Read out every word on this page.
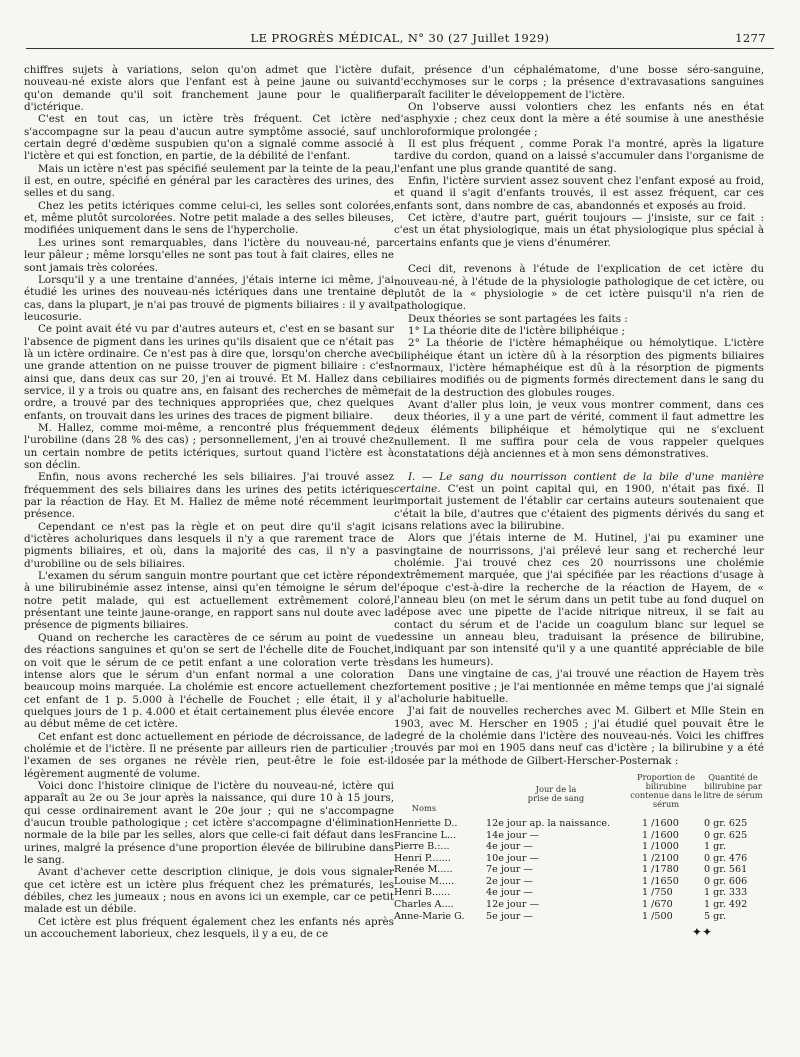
LE PROGRÈS MÉDICAL, N° 30 (27 Juillet 1929)	1277

chiffres sujets à variations, selon qu'on admet que l'ictère du nouveau-né existe alors que l'enfant est à peine jaune ou suivant qu'on demande qu'il soit franchement jaune pour le qualifier d'ictérique.

C'est en tout cas, un ictère très fréquent. Cet ictère ne s'accompagne sur la peau d'aucun autre symptôme associé, sauf un certain degré d'œdème suspubien qu'on a signalé comme associé à l'ictère et qui est fonction, en partie, de la débilité de l'enfant.

Mais un ictère n'est pas spécifié seulement par la teinte de la peau, il est, en outre, spécifié en général par les caractères des urines, des selles et du sang.

Chez les petits ictériques comme celui-ci, les selles sont colorées, et, même plutôt surcolorées. Notre petit malade a des selles bileuses, modifiées uniquement dans le sens de l'hypercholie.

Les urines sont remarquables, dans l'ictère du nouveau-né, par leur pâleur ; même lorsqu'elles ne sont pas tout à fait claires, elles ne sont jamais très colorées.

Lorsqu'il y a une trentaine d'années, j'étais interne ici même, j'ai étudié les urines des nouveau-nés ictériques dans une trentaine de cas, dans la plupart, je n'ai pas trouvé de pigments biliaires : il y avait leucosurie.

Ce point avait été vu par d'autres auteurs et, c'est en se basant sur l'absence de pigment dans les urines qu'ils disaient que ce n'était pas là un ictère ordinaire. Ce n'est pas à dire que, lorsqu'on cherche avec une grande attention on ne puisse trouver de pigment biliaire : c'est ainsi que, dans deux cas sur 20, j'en ai trouvé. Et M. Hallez dans ce service, il y a trois ou quatre ans, en faisant des recherches de même ordre, a trouvé par des techniques appropriées que, chez quelques enfants, on trouvait dans les urines des traces de pigment biliaire.

M. Hallez, comme moi-même, a rencontré plus fréquemment de l'urobiline (dans 28 % des cas) ; personnellement, j'en ai trouvé chez un certain nombre de petits ictériques, surtout quand l'ictère est à son déclin.

Enfin, nous avons recherché les sels biliaires. J'ai trouvé assez fréquemment des sels biliaires dans les urines des petits ictériques par la réaction de Hay. Et M. Hallez de même noté récemment leur présence.

Cependant ce n'est pas la règle et on peut dire qu'il s'agit ici d'ictères acholuriques dans lesquels il n'y a que rarement trace de pigments biliaires, et où, dans la majorité des cas, il n'y a pas d'urobiline ou de sels biliaires.

L'examen du sérum sanguin montre pourtant que cet ictère répond à une bilirubinémie assez intense, ainsi qu'en témoigne le sérum de notre petit malade, qui est actuellement extrêmement coloré, présentant une teinte jaune-orange, en rapport sans nul doute avec la présence de pigments biliaires.

Quand on recherche les caractères de ce sérum au point de vue des réactions sanguines et qu'on se sert de l'échelle dite de Fouchet, on voit que le sérum de ce petit enfant a une coloration verte très intense alors que le sérum d'un enfant normal a une coloration beaucoup moins marquée. La cholémie est encore actuellement chez cet enfant de 1 p. 5.000 à l'échelle de Fouchet ; elle était, il y a quelques jours de 1 p. 4.000 et était certainement plus élevée encore au début même de cet ictère.

Cet enfant est donc actuellement en période de décroissance, de la cholémie et de l'ictère. Il ne présente par ailleurs rien de particulier ; l'examen de ses organes ne révèle rien, peut-être le foie est-il légèrement augmenté de volume.

Voici donc l'histoire clinique de l'ictère du nouveau-né, ictère qui apparaît au 2e ou 3e jour après la naissance, qui dure 10 à 15 jours, qui cesse ordinairement avant le 20e jour ; qui ne s'accompagne d'aucun trouble pathologique ; cet ictère s'accompagne d'élimination normale de la bile par les selles, alors que celle-ci fait défaut dans les urines, malgré la présence d'une proportion élevée de bilirubine dans le sang.

Avant d'achever cette description clinique, je dois vous signaler que cet ictère est un ictère plus fréquent chez les prématurés, les débiles, chez les jumeaux ; nous en avons ici un exemple, car ce petit malade est un débile.

Cet ictère est plus fréquent également chez les enfants nés après un accouchement laborieux, chez lesquels, il y a eu, de ce

fait, présence d'un céphalématome, d'une bosse séro-sanguine, d'ecchymoses sur le corps ; la présence d'extravasations sanguines paraît faciliter le développement de l'ictère.

On l'observe aussi volontiers chez les enfants nés en état d'asphyxie ; chez ceux dont la mère a été soumise à une anesthésie chloroformique prolongée ;

Il est plus fréquent , comme Porak l'a montré, après la ligature tardive du cordon, quand on a laissé s'accumuler dans l'organisme de l'enfant une plus grande quantité de sang.

Enfin, l'ictère survient assez souvent chez l'enfant exposé au froid, et quand il s'agit d'enfants trouvés, il est assez fréquent, car ces enfants sont, dans nombre de cas, abandonnés et exposés au froid.

Cet ictère, d'autre part, guérit toujours — j'insiste, sur ce fait : c'est un état physiologique, mais un état physiologique plus spécial à certains enfants que je viens d'énumérer.

Ceci dit, revenons à l'étude de l'explication de cet ictère du nouveau-né, à l'étude de la physiologie pathologique de cet ictère, ou plutôt de la « physiologie » de cet ictère puisqu'il n'a rien de pathologique.

Deux théories se sont partagées les faits :

1° La théorie dite de l'ictère biliphéique ;

2° La théorie de l'ictère hémaphéique ou hémolytique. L'ictère biliphéique étant un ictère dû à la résorption des pigments biliaires normaux, l'ictère hémaphéique est dû à la résorption de pigments biliaires modifiés ou de pigments formés directement dans le sang du fait de la destruction des globules rouges.

Avant d'aller plus loin, je veux vous montrer comment, dans ces deux théories, il y a une part de vérité, comment il faut admettre les deux éléments biliphéique et hémolytique qui ne s'excluent nullement. Il me suffira pour cela de vous rappeler quelques constatations déjà anciennes et à mon sens démonstratives.

I. — Le sang du nourrisson contient de la bile d'une manière certaine. C'est un point capital qui, en 1900, n'était pas fixé. Il importait justement de l'établir car certains auteurs soutenaient que c'était la bile, d'autres que c'étaient des pigments dérivés du sang et sans relations avec la bilirubine.

Alors que j'étais interne de M. Hutinel, j'ai pu examiner une vingtaine de nourrissons, j'ai prélevé leur sang et recherché leur cholémie. J'ai trouvé chez ces 20 nourrissons une cholémie extrêmement marquée, que j'ai spécifiée par les réactions d'usage à l'époque c'est-à-dire la recherche de la réaction de Hayem, de « l'anneau bleu (on met le sérum dans un petit tube au fond duquel on dépose avec une pipette de l'acide nitrique nitreux, il se fait au contact du sérum et de l'acide un coagulum blanc sur lequel se dessine un anneau bleu, traduisant la présence de bilirubine, indiquant par son intensité qu'il y a une quantité appréciable de bile dans les humeurs).

Dans une vingtaine de cas, j'ai trouvé une réaction de Hayem très fortement positive ; je l'ai mentionnée en même temps que j'ai signalé l'acholurie habituelle.

J'ai fait de nouvelles recherches avec M. Gilbert et Mlle Stein en 1903, avec M. Herscher en 1905 ; j'ai étudié quel pouvait être le degré de la cholémie dans l'ictère des nouveau-nés. Voici les chiffres trouvés par moi en 1905 dans neuf cas d'ictère ; la bilirubine y a été dosée par la méthode de Gilbert-Herscher-Posternak :

Noms
Jour de la prise de sang
Proportion de bilirubine contenue dans le sérum
Quantité de bilirubine par litre de sérum
Henriette D..	12e jour ap. la naissance.	1 /1600	0 gr. 625
Francine L...	14e jour —	1 /1600	0 gr. 625
Pierre B.:...	4e jour —	1 /1000	1 gr.
Henri P.......	10e jour —	1 /2100	0 gr. 476
Renée M.....	7e jour —	1 /1780	0 gr. 561
Louise M.....	2e jour —	1 /1650	0 gr. 606
Henri B......	4e jour —	1 /750	1 gr. 333
Charles A....	12e jour —	1 /670	1 gr. 492
Anne-Marie G. 5e jour —	1 /500	5 gr.
✦✦
